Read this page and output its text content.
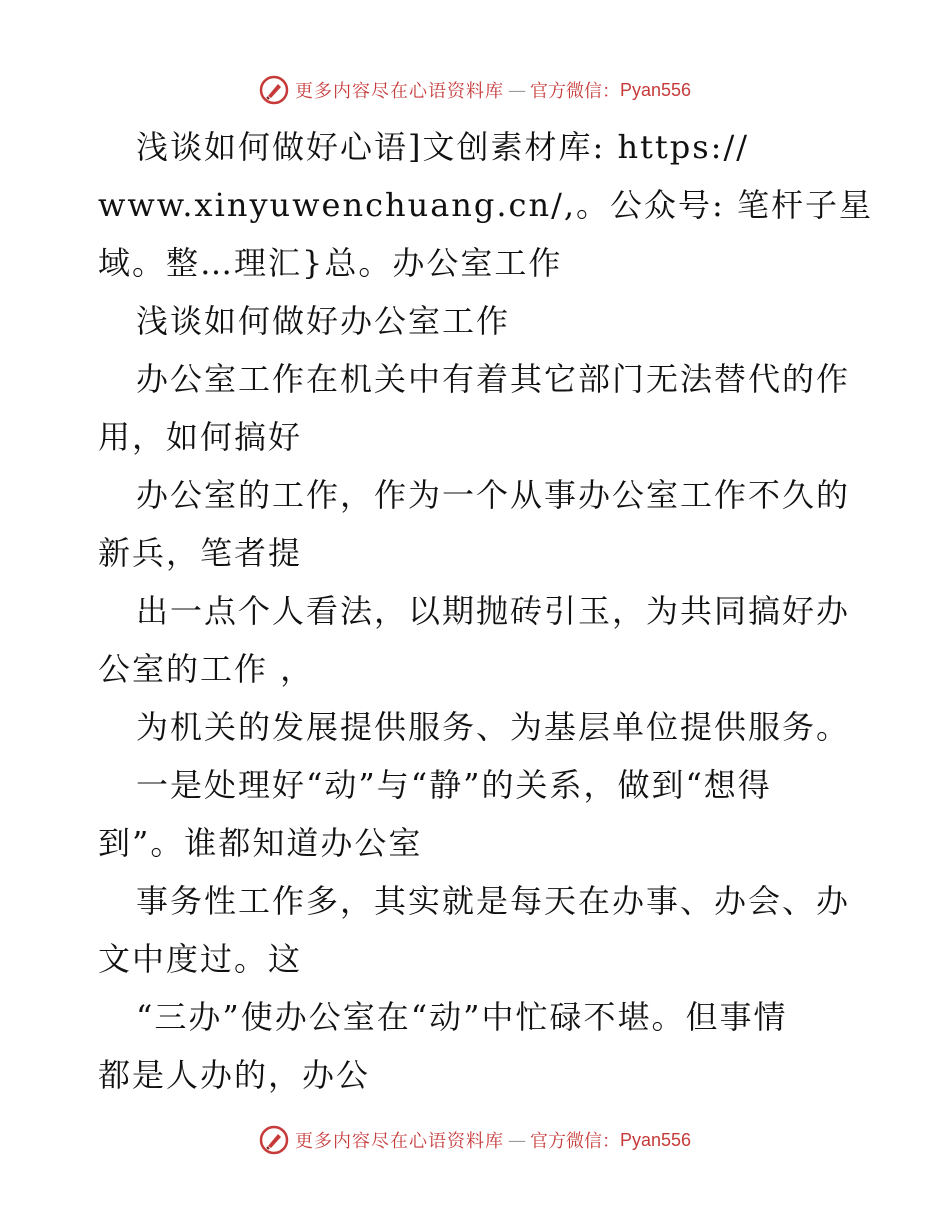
更多内容尽在心语资料库 — 官方微信： Pyan556
浅谈如何做好心语]文创素材库: https://
www.xinyuwenchuang.cn/,。公众号: 笔杆子星
域。整…理汇}总。办公室工作
浅谈如何做好办公室工作
办公室工作在机关中有着其它部门无法替代的作
用，如何搞好
办公室的工作，作为一个从事办公室工作不久的
新兵，笔者提
出一点个人看法，以期抛砖引玉，为共同搞好办
公室的工作 ，
为机关的发展提供服务、为基层单位提供服务。
一是处理好“动”与“静”的关系，做到“想得
到”。谁都知道办公室
事务性工作多，其实就是每天在办事、办会、办
文中度过。这
“三办”使办公室在“动”中忙碌不堪。但事情
都是人办的，办公
更多内容尽在心语资料库 — 官方微信： Pyan556
